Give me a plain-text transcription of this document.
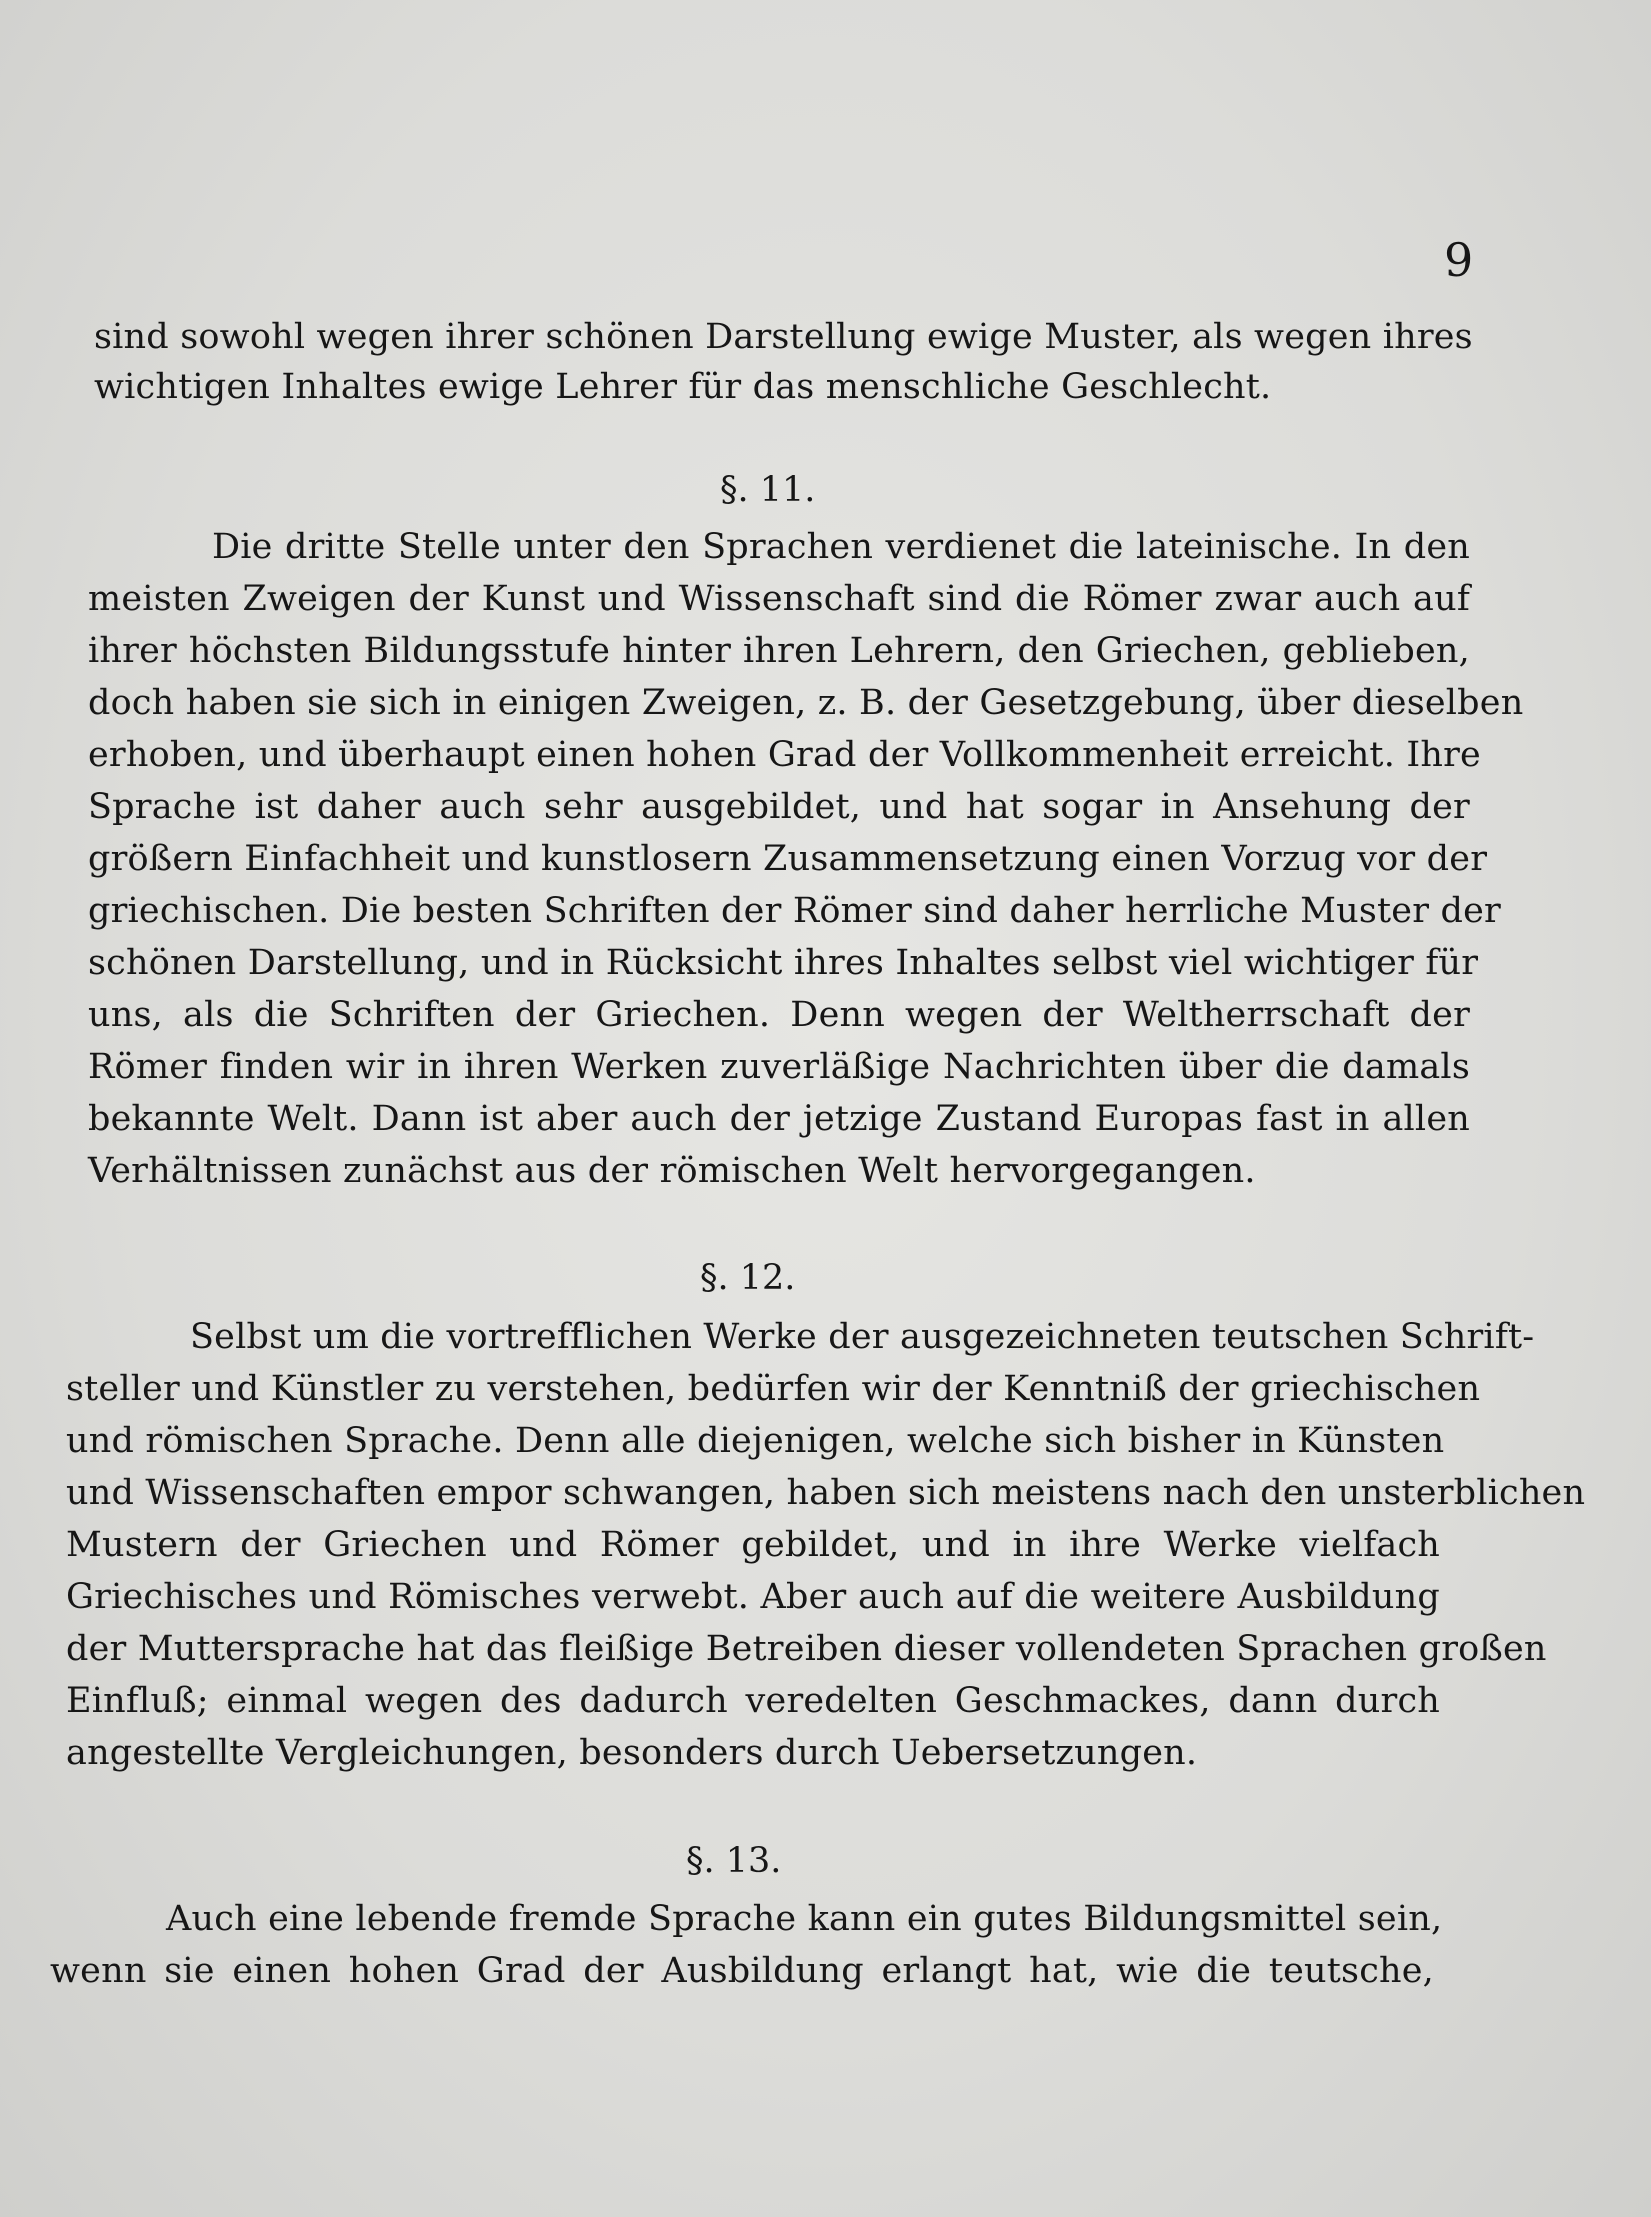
9

sind sowohl wegen ihrer schönen Darstellung ewige Muster, als wegen ihres

wichtigen Inhaltes ewige Lehrer für das menschliche Geschlecht.

§. 11.

Die dritte Stelle unter den Sprachen verdienet die lateinische. In den

meisten Zweigen der Kunst und Wissenschaft sind die Römer zwar auch auf

ihrer höchsten Bildungsstufe hinter ihren Lehrern, den Griechen, geblieben,

doch haben sie sich in einigen Zweigen, z. B. der Gesetzgebung, über dieselben

erhoben, und überhaupt einen hohen Grad der Vollkommenheit erreicht. Ihre

Sprache ist daher auch sehr ausgebildet, und hat sogar in Ansehung der

größern Einfachheit und kunstlosern Zusammensetzung einen Vorzug vor der

griechischen. Die besten Schriften der Römer sind daher herrliche Muster der

schönen Darstellung, und in Rücksicht ihres Inhaltes selbst viel wichtiger für

uns, als die Schriften der Griechen. Denn wegen der Weltherrschaft der

Römer finden wir in ihren Werken zuverläßige Nachrichten über die damals

bekannte Welt. Dann ist aber auch der jetzige Zustand Europas fast in allen

Verhältnissen zunächst aus der römischen Welt hervorgegangen.

§. 12.

Selbst um die vortrefflichen Werke der ausgezeichneten teutschen Schrift-

steller und Künstler zu verstehen, bedürfen wir der Kenntniß der griechischen

und römischen Sprache. Denn alle diejenigen, welche sich bisher in Künsten

und Wissenschaften empor schwangen, haben sich meistens nach den unsterblichen

Mustern der Griechen und Römer gebildet, und in ihre Werke vielfach

Griechisches und Römisches verwebt. Aber auch auf die weitere Ausbildung

der Muttersprache hat das fleißige Betreiben dieser vollendeten Sprachen großen

Einfluß; einmal wegen des dadurch veredelten Geschmackes, dann durch

angestellte Vergleichungen, besonders durch Uebersetzungen.

§. 13.

Auch eine lebende fremde Sprache kann ein gutes Bildungsmittel sein,

wenn sie einen hohen Grad der Ausbildung erlangt hat, wie die teutsche,
